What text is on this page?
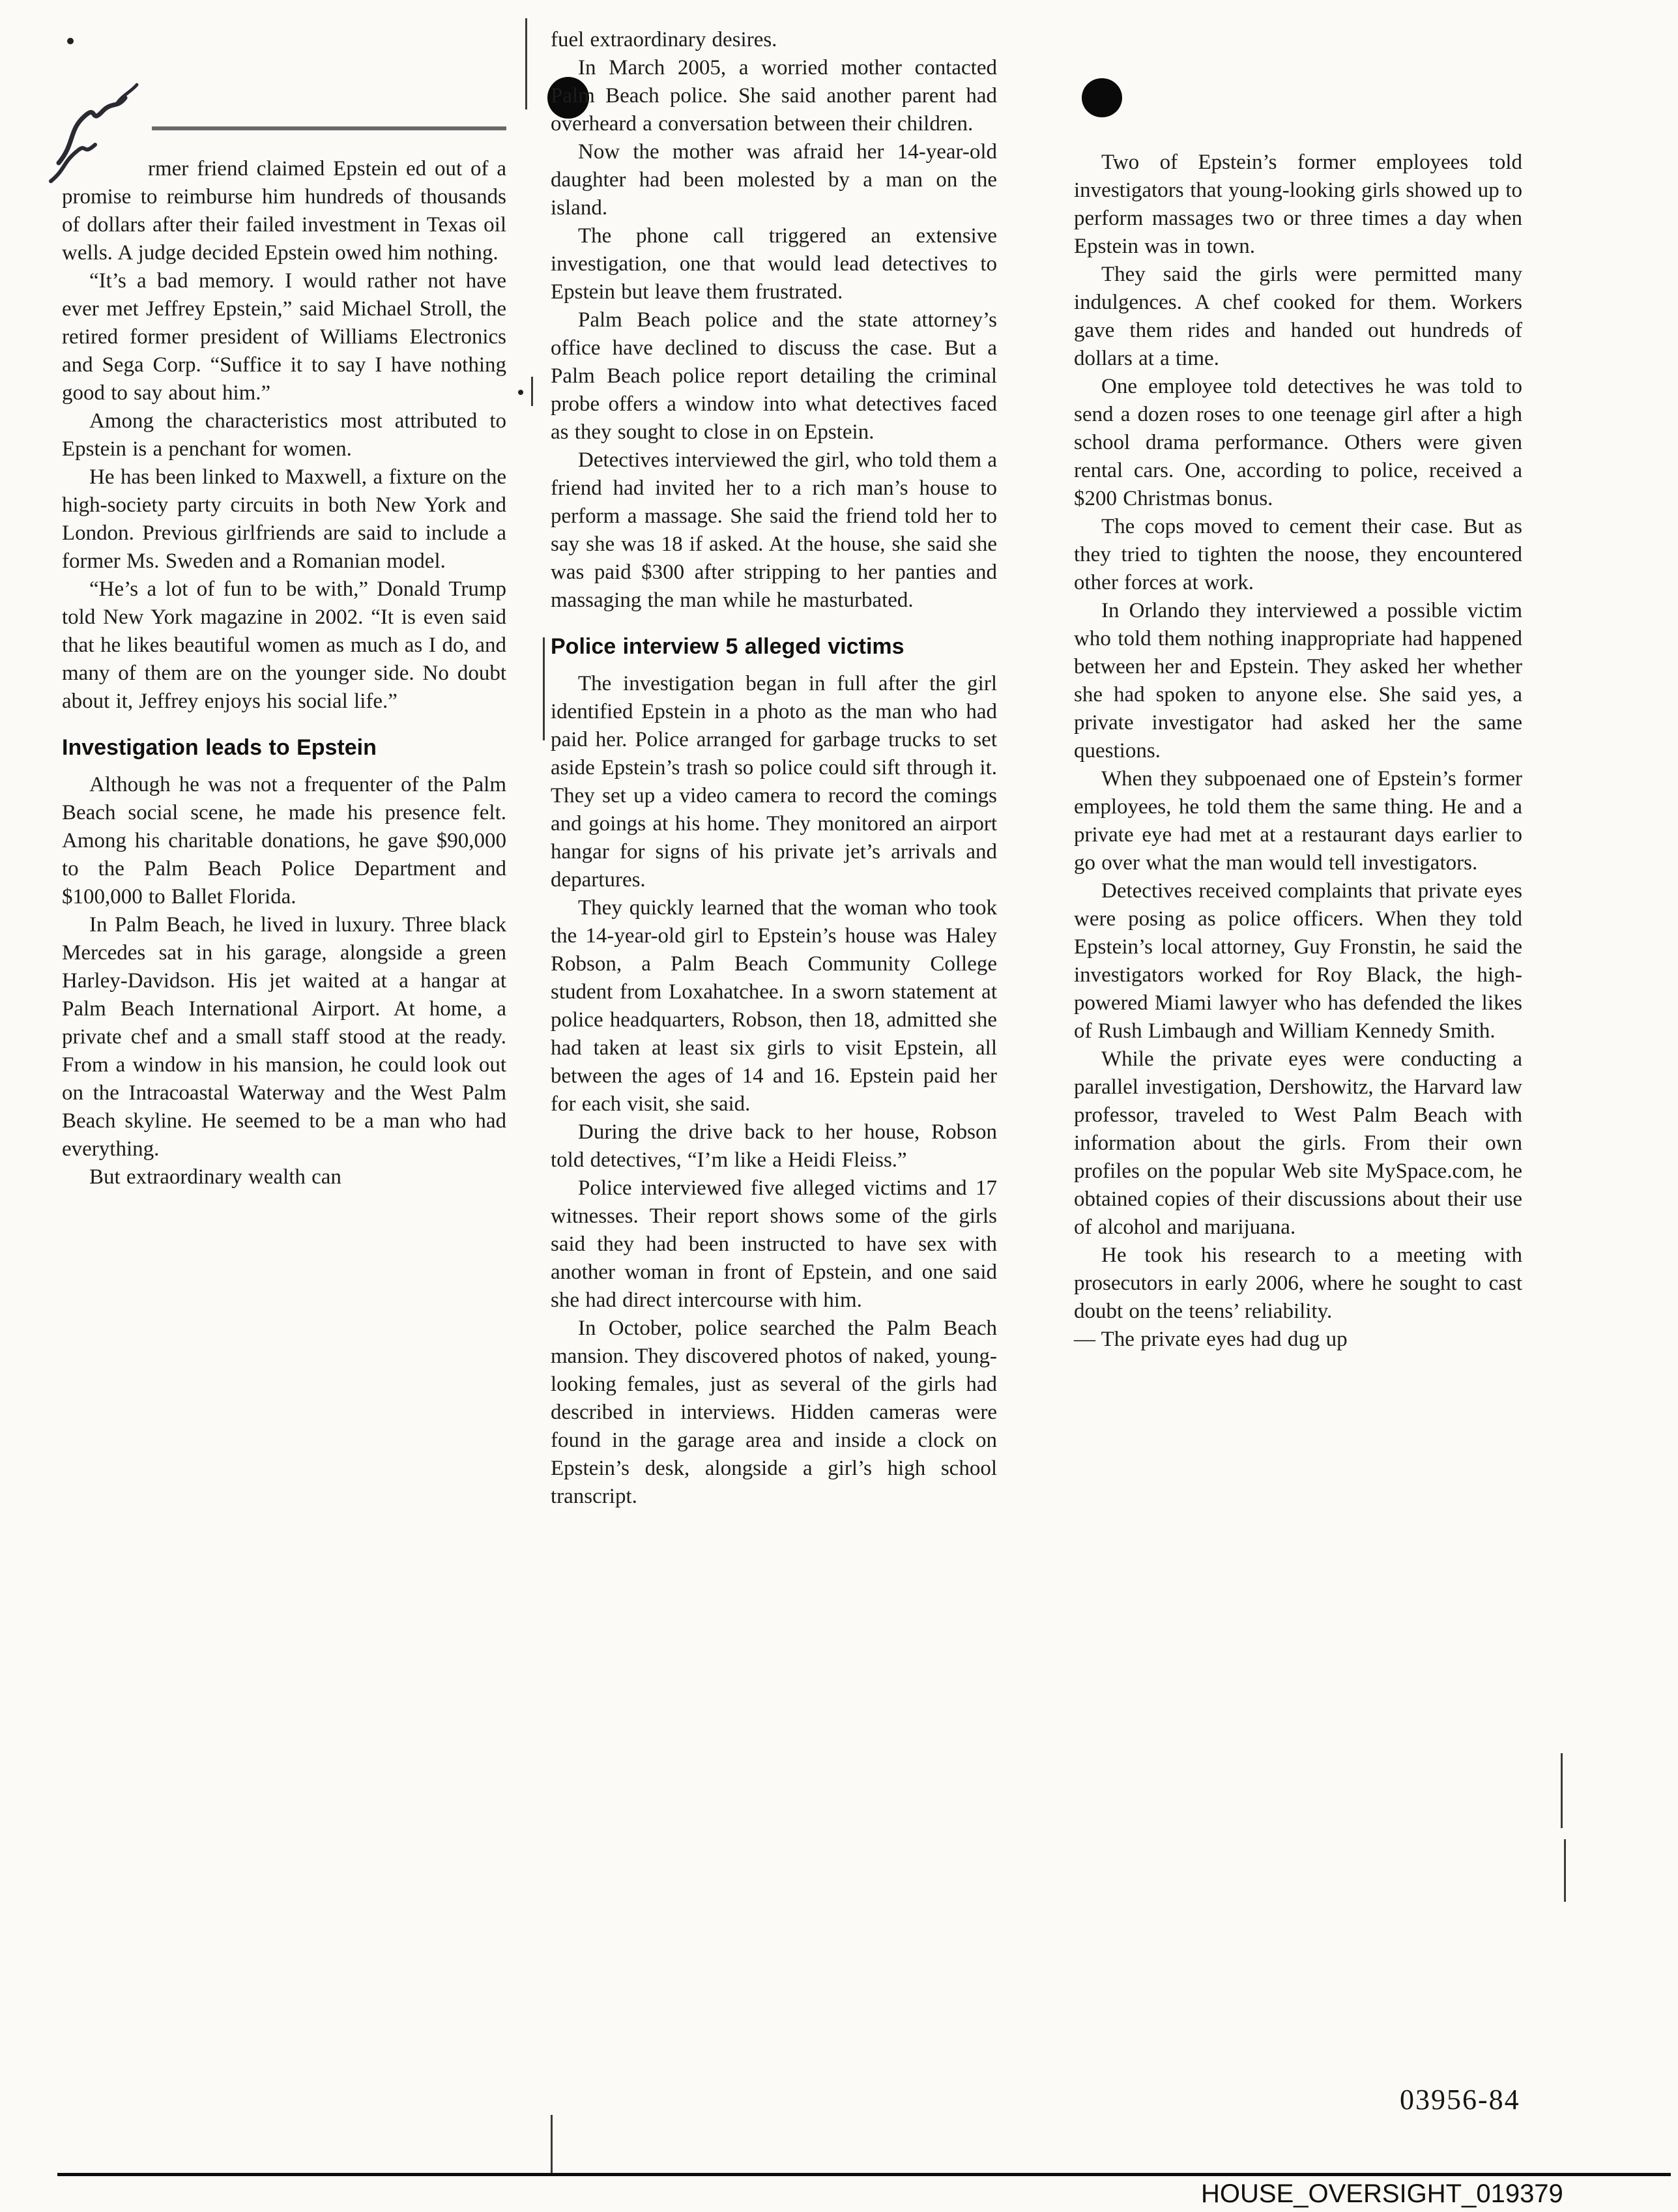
rmer friend claimed Epstein ed out of a promise to reimburse him hundreds of thousands of dollars after their failed investment in Texas oil wells. A judge decided Epstein owed him nothing.

“It’s a bad memory. I would rather not have ever met Jeffrey Epstein,” said Michael Stroll, the retired former president of Williams Electronics and Sega Corp. “Suffice it to say I have nothing good to say about him.”

Among the characteristics most attributed to Epstein is a penchant for women.

He has been linked to Maxwell, a fixture on the high-society party circuits in both New York and London. Previous girlfriends are said to include a former Ms. Sweden and a Romanian model.

“He’s a lot of fun to be with,” Donald Trump told New York magazine in 2002. “It is even said that he likes beautiful women as much as I do, and many of them are on the younger side. No doubt about it, Jeffrey enjoys his social life.”

Investigation leads to Epstein

Although he was not a frequenter of the Palm Beach social scene, he made his presence felt. Among his charitable donations, he gave $90,000 to the Palm Beach Police Department and $100,000 to Ballet Florida.

In Palm Beach, he lived in luxury. Three black Mercedes sat in his garage, alongside a green Harley-Davidson. His jet waited at a hangar at Palm Beach International Airport. At home, a private chef and a small staff stood at the ready. From a window in his mansion, he could look out on the Intracoastal Waterway and the West Palm Beach skyline. He seemed to be a man who had everything.

But extraordinary wealth can

fuel extraordinary desires.

In March 2005, a worried mother contacted Palm Beach police. She said another parent had overheard a conversation between their children.

Now the mother was afraid her 14-year-old daughter had been molested by a man on the island.

The phone call triggered an extensive investigation, one that would lead detectives to Epstein but leave them frustrated.

Palm Beach police and the state attorney’s office have declined to discuss the case. But a Palm Beach police report detailing the criminal probe offers a window into what detectives faced as they sought to close in on Epstein.

Detectives interviewed the girl, who told them a friend had invited her to a rich man’s house to perform a massage. She said the friend told her to say she was 18 if asked. At the house, she said she was paid $300 after stripping to her panties and massaging the man while he masturbated.

Police interview 5 alleged victims

The investigation began in full after the girl identified Epstein in a photo as the man who had paid her. Police arranged for garbage trucks to set aside Epstein’s trash so police could sift through it. They set up a video camera to record the comings and goings at his home. They monitored an airport hangar for signs of his private jet’s arrivals and departures.

They quickly learned that the woman who took the 14-year-old girl to Epstein’s house was Haley Robson, a Palm Beach Community College student from Loxahatchee. In a sworn statement at police headquarters, Robson, then 18, admitted she had taken at least six girls to visit Epstein, all between the ages of 14 and 16. Epstein paid her for each visit, she said.

During the drive back to her house, Robson told detectives, “I’m like a Heidi Fleiss.”

Police interviewed five alleged victims and 17 witnesses. Their report shows some of the girls said they had been instructed to have sex with another woman in front of Epstein, and one said she had direct intercourse with him.

In October, police searched the Palm Beach mansion. They discovered photos of naked, young-looking females, just as several of the girls had described in interviews. Hidden cameras were found in the garage area and inside a clock on Epstein’s desk, alongside a girl’s high school transcript.

Two of Epstein’s former employees told investigators that young-looking girls showed up to perform massages two or three times a day when Epstein was in town.

They said the girls were permitted many indulgences. A chef cooked for them. Workers gave them rides and handed out hundreds of dollars at a time.

One employee told detectives he was told to send a dozen roses to one teenage girl after a high school drama performance. Others were given rental cars. One, according to police, received a $200 Christmas bonus.

The cops moved to cement their case. But as they tried to tighten the noose, they encountered other forces at work.

In Orlando they interviewed a possible victim who told them nothing inappropriate had happened between her and Epstein. They asked her whether she had spoken to anyone else. She said yes, a private investigator had asked her the same questions.

When they subpoenaed one of Epstein’s former employees, he told them the same thing. He and a private eye had met at a restaurant days earlier to go over what the man would tell investigators.

Detectives received complaints that private eyes were posing as police officers. When they told Epstein’s local attorney, Guy Fronstin, he said the investigators worked for Roy Black, the high-powered Miami lawyer who has defended the likes of Rush Limbaugh and William Kennedy Smith.

While the private eyes were conducting a parallel investigation, Dershowitz, the Harvard law professor, traveled to West Palm Beach with information about the girls. From their own profiles on the popular Web site MySpace.com, he obtained copies of their discussions about their use of alcohol and marijuana.

He took his research to a meeting with prosecutors in early 2006, where he sought to cast doubt on the teens’ reliability.

— The private eyes had dug up

03956-84
HOUSE_OVERSIGHT_019379
